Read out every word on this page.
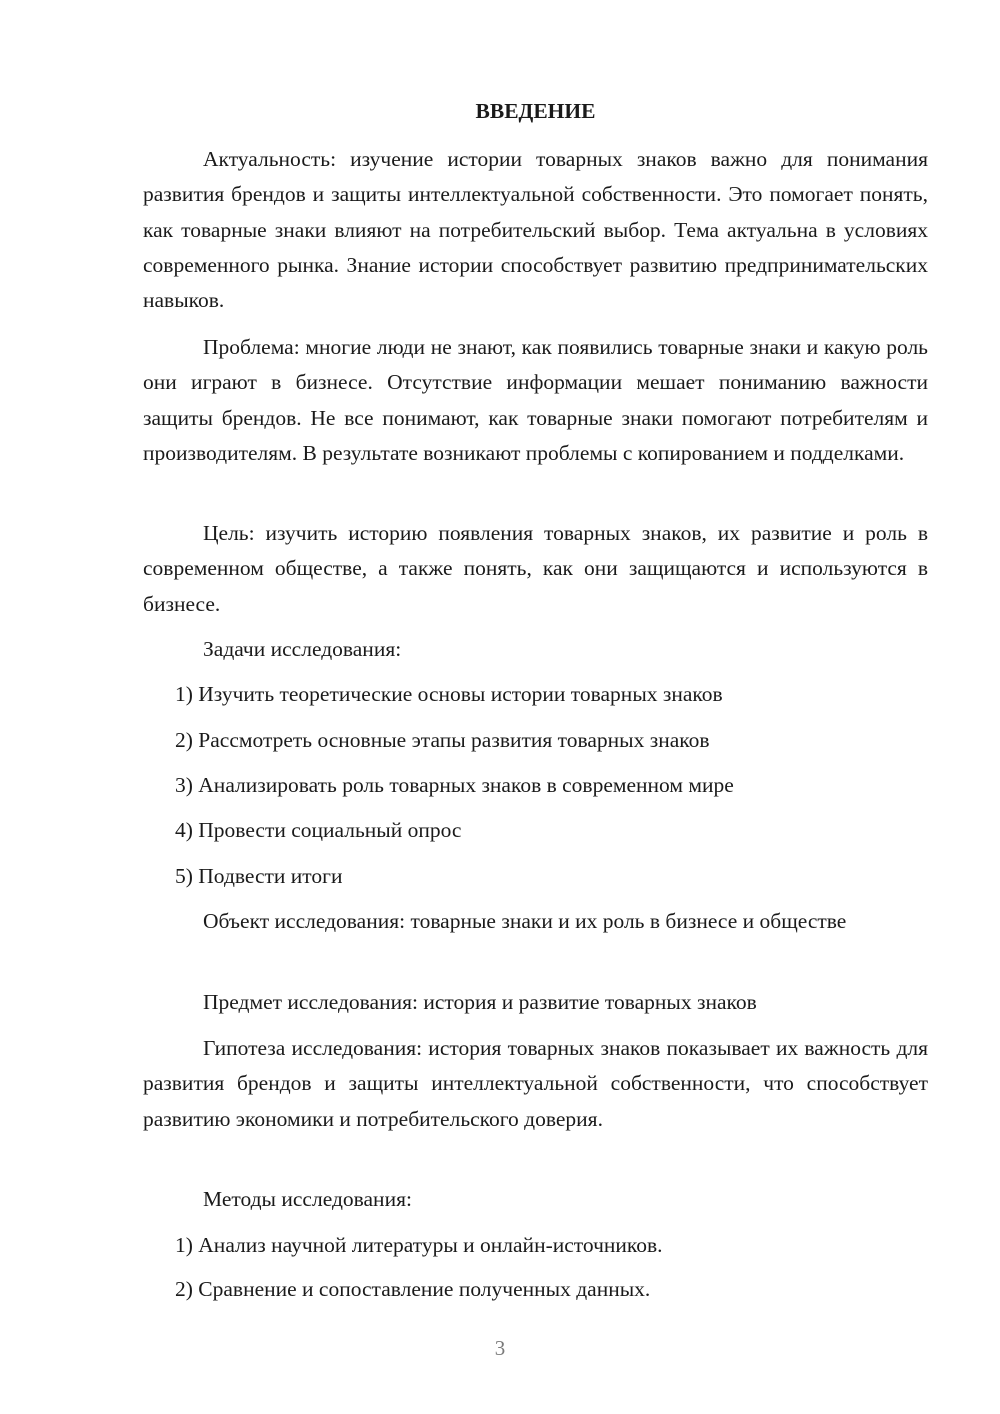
ВВЕДЕНИЕ

Актуальность: изучение истории товарных знаков важно для понимания развития брендов и защиты интеллектуальной собственности. Это помогает понять, как товарные знаки влияют на потребительский выбор. Тема актуальна в условиях современного рынка. Знание истории способствует развитию предпринимательских навыков.

Проблема: многие люди не знают, как появились товарные знаки и какую роль они играют в бизнесе. Отсутствие информации мешает пониманию важности защиты брендов. Не все понимают, как товарные знаки помогают потребителям и производителям. В результате возникают проблемы с копированием и подделками.

Цель: изучить историю появления товарных знаков, их развитие и роль в современном обществе, а также понять, как они защищаются и используются в бизнесе.

Задачи исследования:

1) Изучить теоретические основы истории товарных знаков

2) Рассмотреть основные этапы развития товарных знаков

3) Анализировать роль товарных знаков в современном мире

4) Провести социальный опрос

5) Подвести итоги

Объект исследования: товарные знаки и их роль в бизнесе и обществе

Предмет исследования: история и развитие товарных знаков

Гипотеза исследования: история товарных знаков показывает их важность для развития брендов и защиты интеллектуальной собственности, что способствует развитию экономики и потребительского доверия.

Методы исследования:

1) Анализ научной литературы и онлайн-источников.

2) Сравнение и сопоставление полученных данных.

3
